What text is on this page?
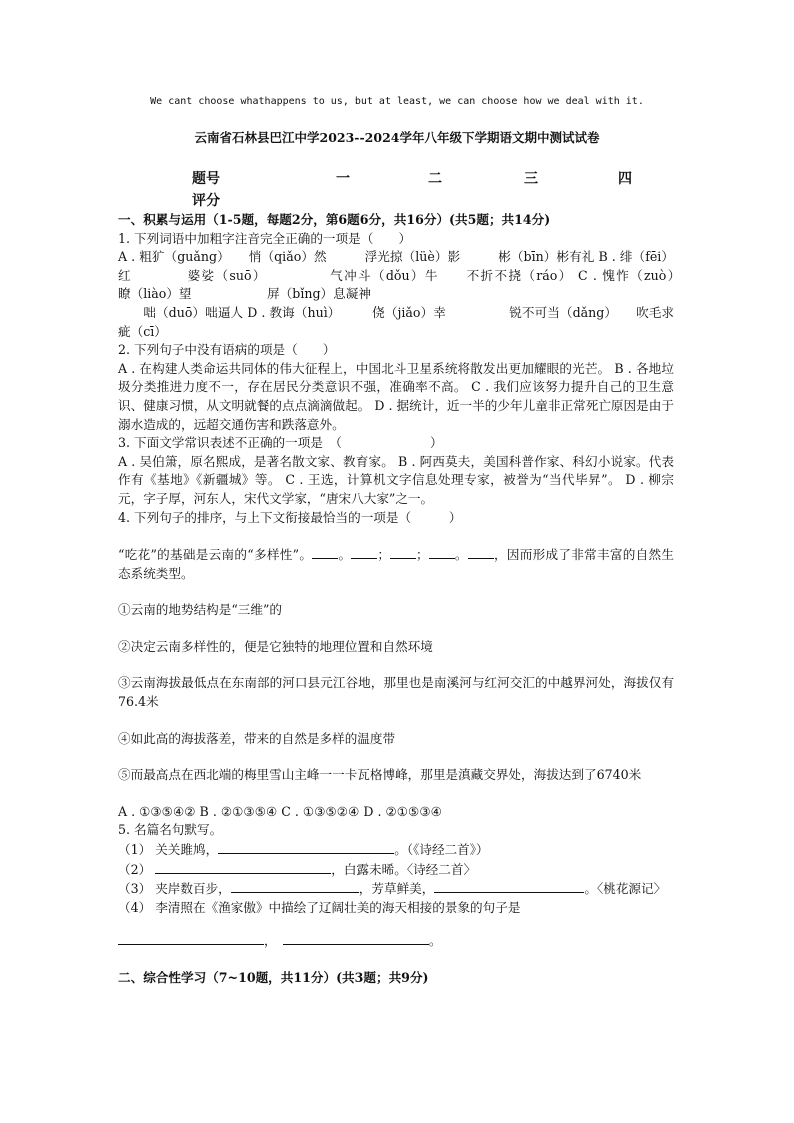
We cant choose whathappens to us, but at least, we can choose how we deal with it.
云南省石林县巴江中学2023--2024学年八年级下学期语文期中测试试卷
题号	一	二	三	四
评分

一、积累与运用（1-5题，每题2分，第6题6分，共16分）(共5题；共14分)

1. 下列词语中加粗字注音完全正确的一项是（　　）

A . 粗犷（guǎng）　　悄（qiǎo）然　　　浮光掠（lüè）影　　　彬（bīn）彬有礼 B . 绯（fēi）红　　　　婆娑（suō）　　　　　气冲斗（dǒu）牛　　不折不挠（ráo） C . 愧怍（zuò）　　　　瞭（liào）望　　　　　　屏（bǐng）息凝神

　　咄（duō）咄逼人 D . 教诲（huì）　　　侥（jiǎo）幸　　　　　锐不可当（dǎng）　　吹毛求疵（cī）

2. 下列句子中没有语病的项是（　　）

A . 在构建人类命运共同体的伟大征程上，中国北斗卫星系统将散发出更加耀眼的光芒。 B . 各地垃圾分类推进力度不一，存在居民分类意识不强，准确率不高。 C . 我们应该努力提升自己的卫生意识、健康习惯，从文明就餐的点点滴滴做起。 D . 据统计，近一半的少年儿童非正常死亡原因是由于溺水造成的，远超交通伤害和跌落意外。

3. 下面文学常识表述不正确的一项是　（　　　　　　　）

A . 吴伯箫，原名熙成，是著名散文家、教育家。 B . 阿西莫夫，美国科普作家、科幻小说家。代表作有《基地》《新疆城》等。 C . 王选，计算机文字信息处理专家，被誉为“当代毕昇”。 D . 柳宗元，字子厚，河东人，宋代文学家，“唐宋八大家”之一。

4. 下列句子的排序，与上下文衔接最恰当的一项是（　　　）

“吃花”的基础是云南的“多样性”。 。 ； ； 。 ，因而形成了非常丰富的自然生态系统类型。

①云南的地势结构是“三维”的

②决定云南多样性的，便是它独特的地理位置和自然环境

③云南海拔最低点在东南部的河口县元江谷地，那里也是南溪河与红河交汇的中越界河处，海拔仅有76.4米

④如此高的海拔落差，带来的自然是多样的温度带

⑤而最高点在西北端的梅里雪山主峰一一卡瓦格博峰，那里是滇藏交界处，海拔达到了6740米

A . ①③⑤④② B . ②①③⑤④ C . ①③⑤②④ D . ②①⑤③④

5. 名篇名句默写。

（1） 关关雎鸠，	。（《诗经二首》）

（2）	，白露未晞。〈诗经二首〉

（3） 夹岸数百步，	，芳草鲜美，	。〈桃花源记〉

（4） 李清照在《渔家傲》中描绘了辽阔壮美的海天相接的景象的句子是

，　	。

二、综合性学习（7~10题，共11分）(共3题；共9分)
